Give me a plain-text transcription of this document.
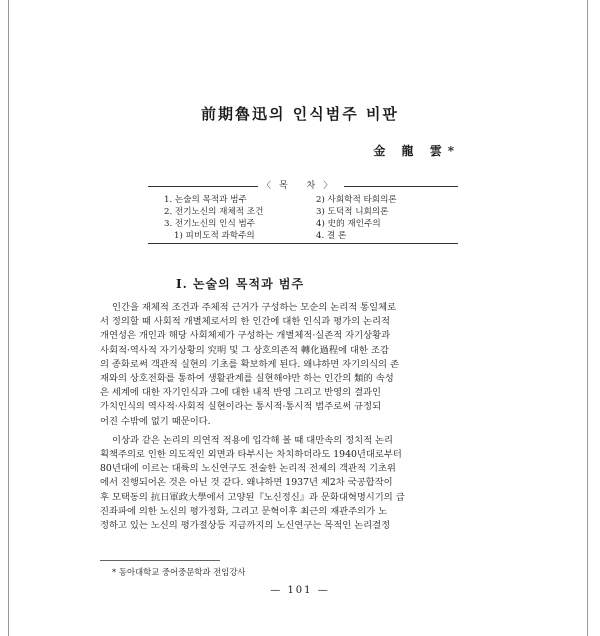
前期魯迅의 인식범주 비판
金 龍 雲*
〈목 차〉
1. 논술의 목적과 범주
2. 전기노신의 재체적 조건
3. 전기노신의 인식 범주
1) 피비도적 과학주의
2) 사회학적 타회의론
3) 도덕적 니회의론
4) 史的 재인주의
4. 결 론
I. 논술의 목적과 범주

인간을 재체적 조건과 주체적 근거가 구성하는 모순의 논리적 통일체로
서 정의할 때 사회적 개별체로서의 한 인간에 대한 인식과 평가의 논리적
개연성은 개인과 해당 사회체제가 구성하는 개별체적·실존적 자기상황과
사회적·역사적 자기상황의 究明 및 그 상호의존적 轉化過程에 대한 조감
의 종화로써 객관적 실현의 기초를 확보하게 된다. 왜냐하면 자기의식의 존
재와의 상호전화를 통하여 생활관계를 실현해야만 하는 인간의 類的 속성
은 세계에 대한 자기인식과 그에 대한 내적 반영 그리고 반영의 결과인
가치인식의 역사적·사회적 실현이라는 통시적·통시적 범주로써 규정되
어진 수밖에 없기 때문이다.

이상과 같은 논리의 의연적 적용에 입각해 볼 때 대만속의 정치적 논리
획책주의로 인한 의도적인 외면과 타부시는 차치하더라도 1940년대로부터
80년대에 이르는 대륙의 노신연구도 전술한 논리적 전제의 객관적 기초위
에서 진행되어온 것은 아닌 것 같다. 왜냐하면 1937년 제2차 국공합작이
후 모택동의 抗日軍政大學에서 고양된『노신정신』과 문화대혁명시기의 급
진좌파에 의한 노신의 평가정화, 그리고 문혁이후 최근의 재관주의가 노
정하고 있는 노신의 평가절상등 지금까지의 노신연구는 목적인 논리결정

* 동아대학교 중어중문학과 전임강사
— 101 —
